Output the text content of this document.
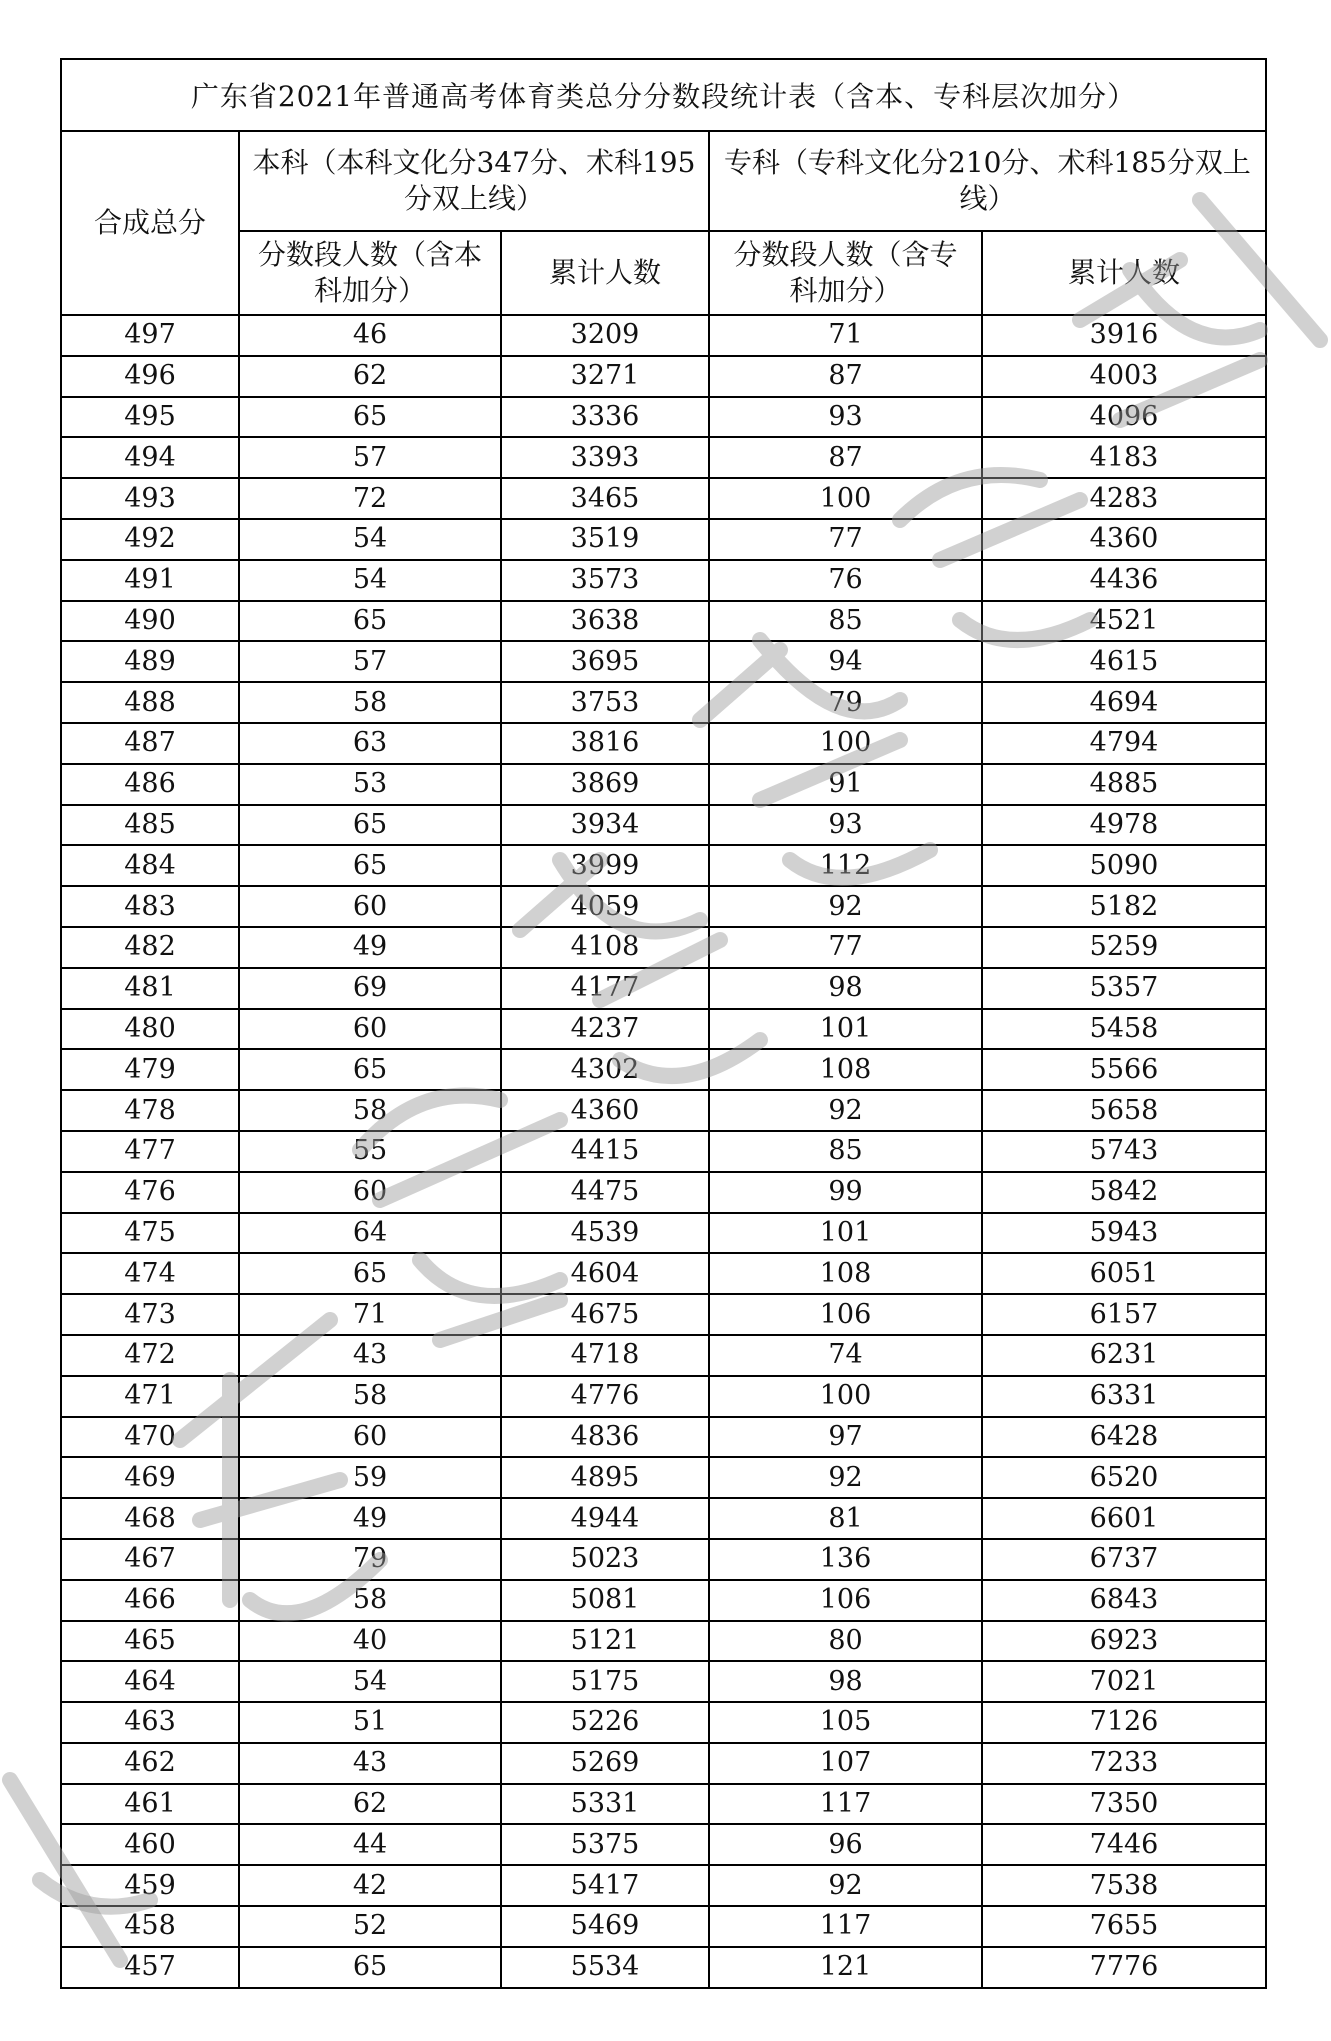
广东省2021年普通高考体育类总分分数段统计表（含本、专科层次加分）				
合成总分	本科（本科文化分347分、术科195分双上线）		专科（专科文化分210分、术科185分双上线）	
	分数段人数（含本科加分）	累计人数	分数段人数（含专科加分）	累计人数
497	46	3209	71	3916
496	62	3271	87	4003
495	65	3336	93	4096
494	57	3393	87	4183
493	72	3465	100	4283
492	54	3519	77	4360
491	54	3573	76	4436
490	65	3638	85	4521
489	57	3695	94	4615
488	58	3753	79	4694
487	63	3816	100	4794
486	53	3869	91	4885
485	65	3934	93	4978
484	65	3999	112	5090
483	60	4059	92	5182
482	49	4108	77	5259
481	69	4177	98	5357
480	60	4237	101	5458
479	65	4302	108	5566
478	58	4360	92	5658
477	55	4415	85	5743
476	60	4475	99	5842
475	64	4539	101	5943
474	65	4604	108	6051
473	71	4675	106	6157
472	43	4718	74	6231
471	58	4776	100	6331
470	60	4836	97	6428
469	59	4895	92	6520
468	49	4944	81	6601
467	79	5023	136	6737
466	58	5081	106	6843
465	40	5121	80	6923
464	54	5175	98	7021
463	51	5226	105	7126
462	43	5269	107	7233
461	62	5331	117	7350
460	44	5375	96	7446
459	42	5417	92	7538
458	52	5469	117	7655
457	65	5534	121	7776
